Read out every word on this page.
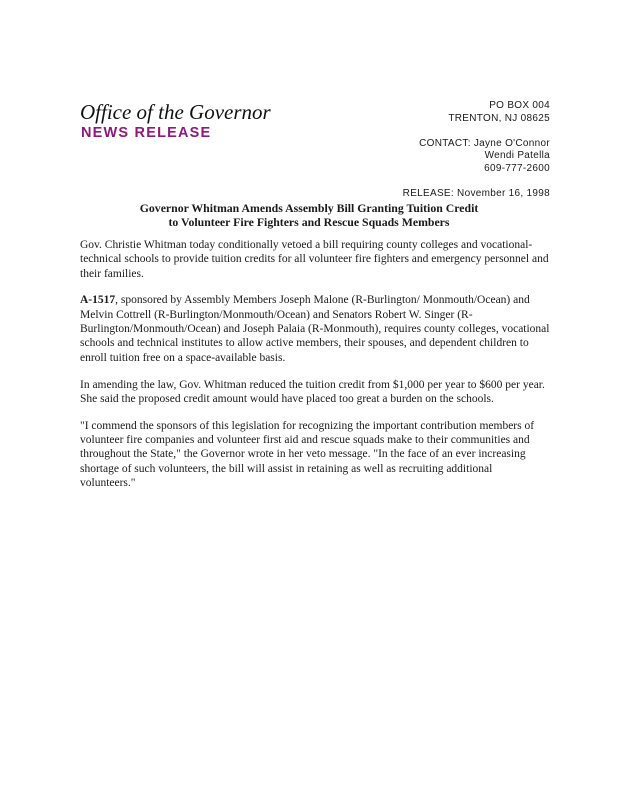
Office of the Governor
NEWS RELEASE
PO BOX 004
TRENTON, NJ 08625
CONTACT: Jayne O'Connor
Wendi Patella
609-777-2600
RELEASE: November 16, 1998
Governor Whitman Amends Assembly Bill Granting Tuition Credit
to Volunteer Fire Fighters and Rescue Squads Members

Gov. Christie Whitman today conditionally vetoed a bill requiring county colleges and vocational-technical schools to provide tuition credits for all volunteer fire fighters and emergency personnel and their families.

A-1517, sponsored by Assembly Members Joseph Malone (R-Burlington/ Monmouth/Ocean) and Melvin Cottrell (R-Burlington/Monmouth/Ocean) and Senators Robert W. Singer (R-Burlington/Monmouth/Ocean) and Joseph Palaia (R-Monmouth), requires county colleges, vocational schools and technical institutes to allow active members, their spouses, and dependent children to enroll tuition free on a space-available basis.

In amending the law, Gov. Whitman reduced the tuition credit from $1,000 per year to $600 per year. She said the proposed credit amount would have placed too great a burden on the schools.

"I commend the sponsors of this legislation for recognizing the important contribution members of volunteer fire companies and volunteer first aid and rescue squads make to their communities and throughout the State," the Governor wrote in her veto message. "In the face of an ever increasing shortage of such volunteers, the bill will assist in retaining as well as recruiting additional volunteers."
